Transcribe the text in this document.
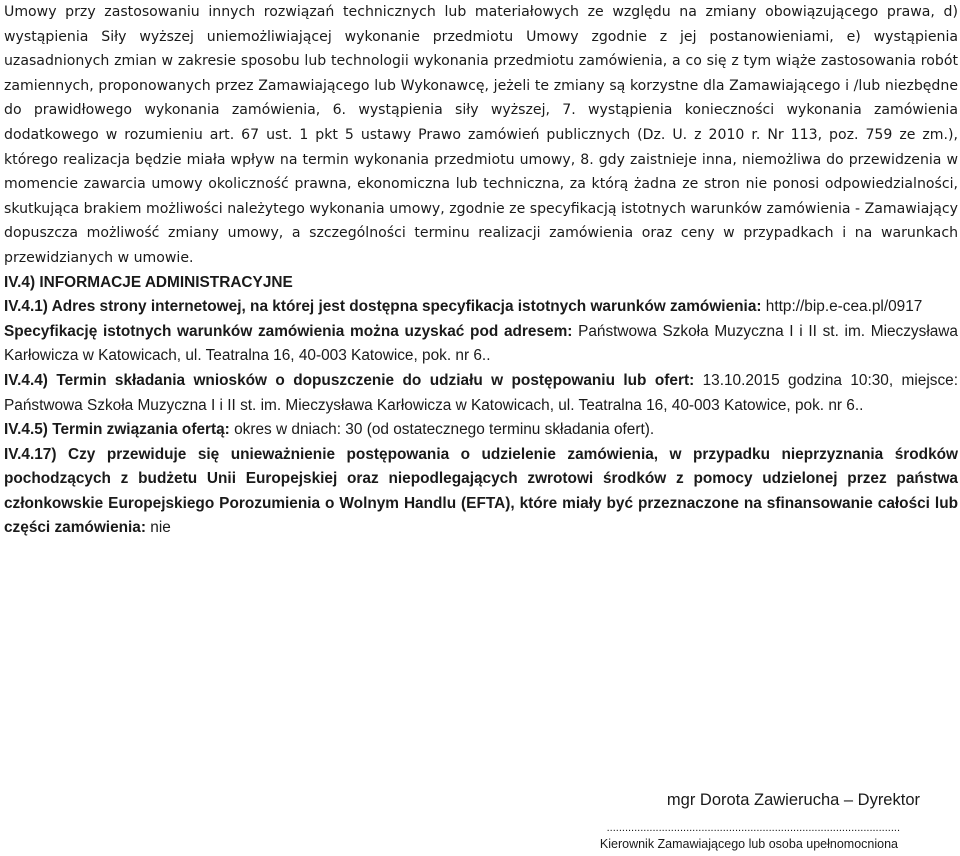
Umowy przy zastosowaniu innych rozwiązań technicznych lub materiałowych ze względu na zmiany obowiązującego prawa, d) wystąpienia Siły wyższej uniemożliwiającej wykonanie przedmiotu Umowy zgodnie z jej postanowieniami, e) wystąpienia uzasadnionych zmian w zakresie sposobu lub technologii wykonania przedmiotu zamówienia, a co się z tym wiąże zastosowania robót zamiennych, proponowanych przez Zamawiającego lub Wykonawcę, jeżeli te zmiany są korzystne dla Zamawiającego i /lub niezbędne do prawidłowego wykonania zamówienia, 6. wystąpienia siły wyższej, 7. wystąpienia konieczności wykonania zamówienia dodatkowego w rozumieniu art. 67 ust. 1 pkt 5 ustawy Prawo zamówień publicznych (Dz. U. z 2010 r. Nr 113, poz. 759 ze zm.), którego realizacja będzie miała wpływ na termin wykonania przedmiotu umowy, 8. gdy zaistnieje inna, niemożliwa do przewidzenia w momencie zawarcia umowy okoliczność prawna, ekonomiczna lub techniczna, za którą żadna ze stron nie ponosi odpowiedzialności, skutkująca brakiem możliwości należytego wykonania umowy, zgodnie ze specyfikacją istotnych warunków zamówienia - Zamawiający dopuszcza możliwość zmiany umowy, a szczególności terminu realizacji zamówienia oraz ceny w przypadkach i na warunkach przewidzianych w umowie.

IV.4) INFORMACJE ADMINISTRACYJNE

IV.4.1) Adres strony internetowej, na której jest dostępna specyfikacja istotnych warunków zamówienia: http://bip.e-cea.pl/0917

Specyfikację istotnych warunków zamówienia można uzyskać pod adresem: Państwowa Szkoła Muzyczna I i II st. im. Mieczysława Karłowicza w Katowicach, ul. Teatralna 16, 40-003 Katowice, pok. nr 6..

IV.4.4) Termin składania wniosków o dopuszczenie do udziału w postępowaniu lub ofert: 13.10.2015 godzina 10:30, miejsce: Państwowa Szkoła Muzyczna I i II st. im. Mieczysława Karłowicza w Katowicach, ul. Teatralna 16, 40-003 Katowice, pok. nr 6..

IV.4.5) Termin związania ofertą: okres w dniach: 30 (od ostatecznego terminu składania ofert).

IV.4.17) Czy przewiduje się unieważnienie postępowania o udzielenie zamówienia, w przypadku nieprzyznania środków pochodzących z budżetu Unii Europejskiej oraz niepodlegających zwrotowi środków z pomocy udzielonej przez państwa członkowskie Europejskiego Porozumienia o Wolnym Handlu (EFTA), które miały być przeznaczone na sfinansowanie całości lub części zamówienia: nie

mgr Dorota Zawierucha – Dyrektor
................................................................................................
Kierownik Zamawiającego lub osoba upełnomocniona
